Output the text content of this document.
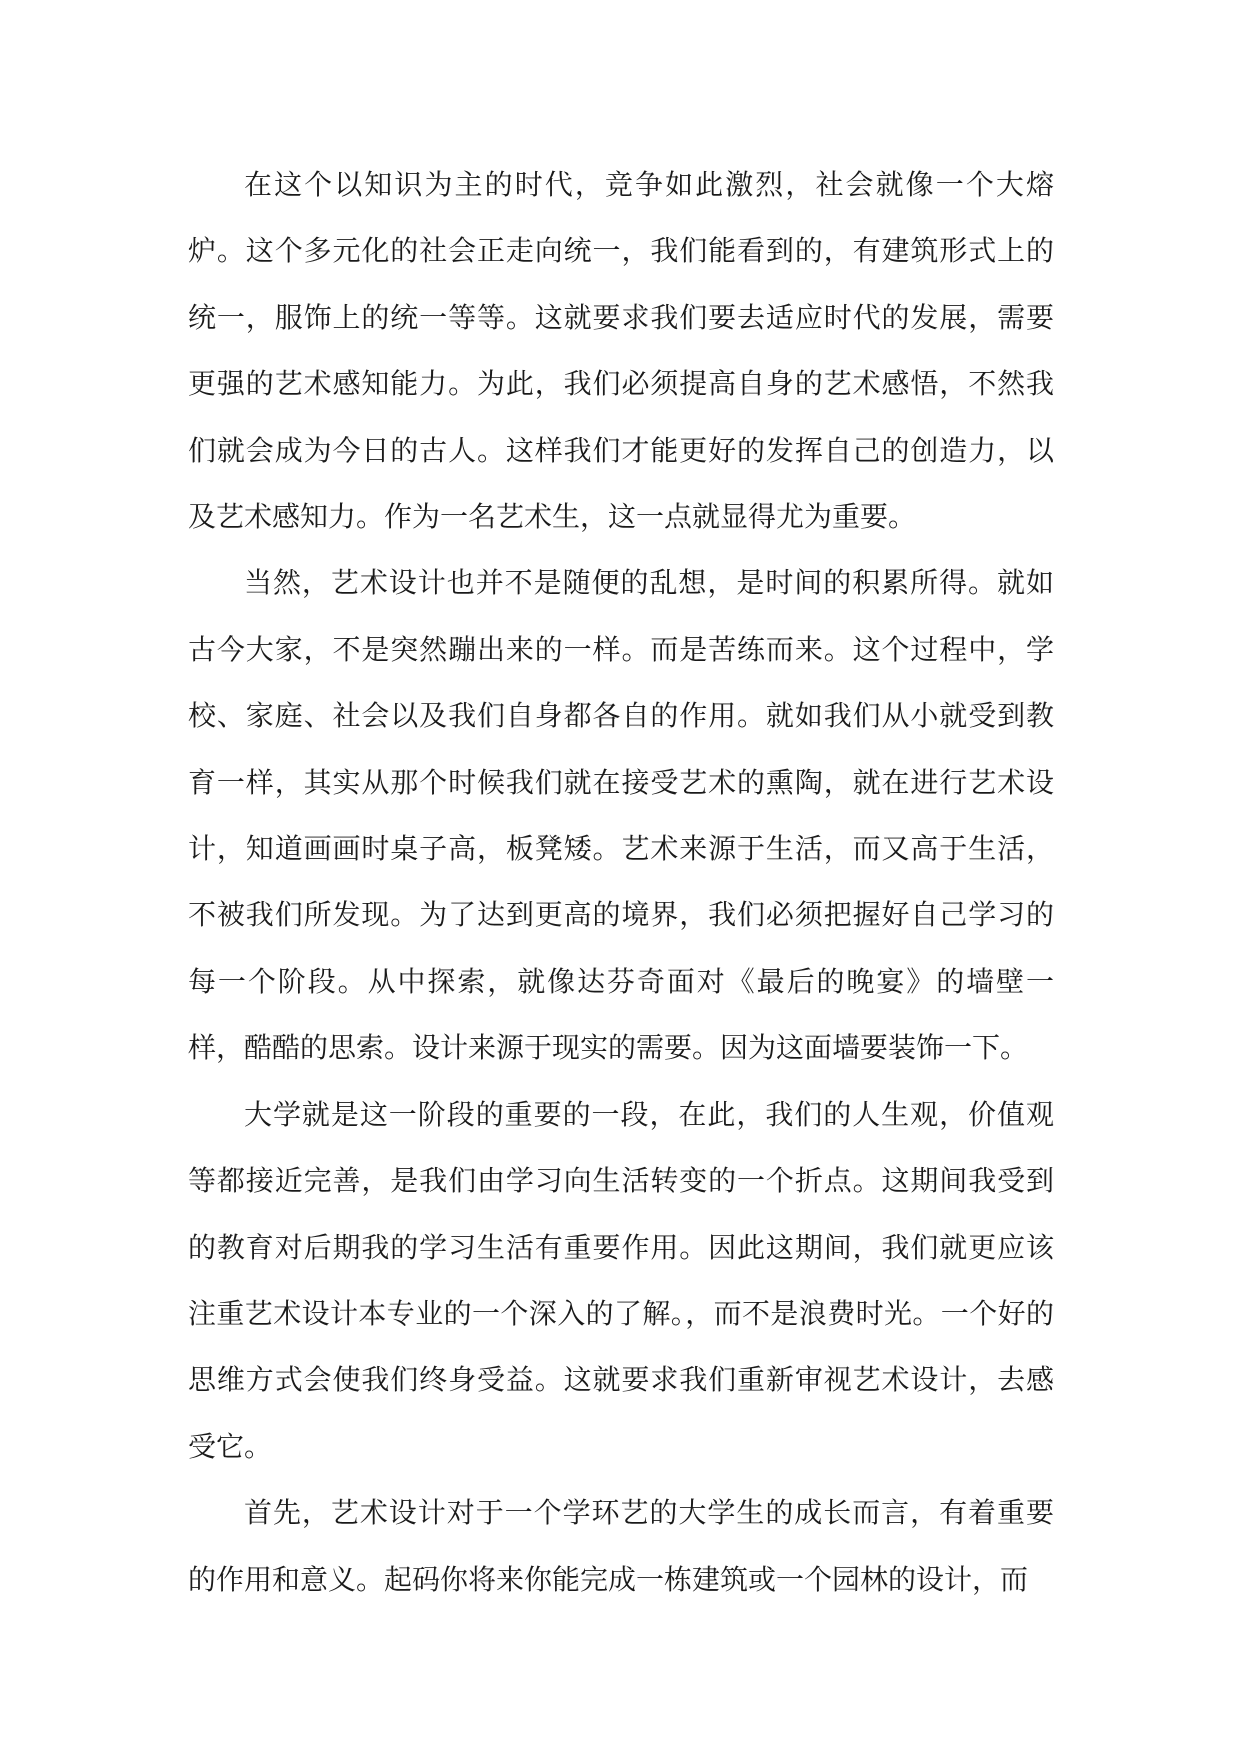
在这个以知识为主的时代，竞争如此激烈，社会就像一个大熔炉。这个多元化的社会正走向统一，我们能看到的，有建筑形式上的统一，服饰上的统一等等。这就要求我们要去适应时代的发展，需要更强的艺术感知能力。为此，我们必须提高自身的艺术感悟，不然我们就会成为今日的古人。这样我们才能更好的发挥自己的创造力，以及艺术感知力。作为一名艺术生，这一点就显得尤为重要。

当然，艺术设计也并不是随便的乱想，是时间的积累所得。就如古今大家，不是突然蹦出来的一样。而是苦练而来。这个过程中，学校、家庭、社会以及我们自身都各自的作用。就如我们从小就受到教育一样，其实从那个时候我们就在接受艺术的熏陶，就在进行艺术设计，知道画画时桌子高，板凳矮。艺术来源于生活，而又高于生活，不被我们所发现。为了达到更高的境界，我们必须把握好自己学习的每一个阶段。从中探索，就像达芬奇面对《最后的晚宴》的墙壁一样，酷酷的思索。设计来源于现实的需要。因为这面墙要装饰一下。

大学就是这一阶段的重要的一段，在此，我们的人生观，价值观等都接近完善，是我们由学习向生活转变的一个折点。这期间我受到的教育对后期我的学习生活有重要作用。因此这期间，我们就更应该注重艺术设计本专业的一个深入的了解。，而不是浪费时光。一个好的思维方式会使我们终身受益。这就要求我们重新审视艺术设计，去感受它。

首先，艺术设计对于一个学环艺的大学生的成长而言，有着重要的作用和意义。起码你将来你能完成一栋建筑或一个园林的设计，而
